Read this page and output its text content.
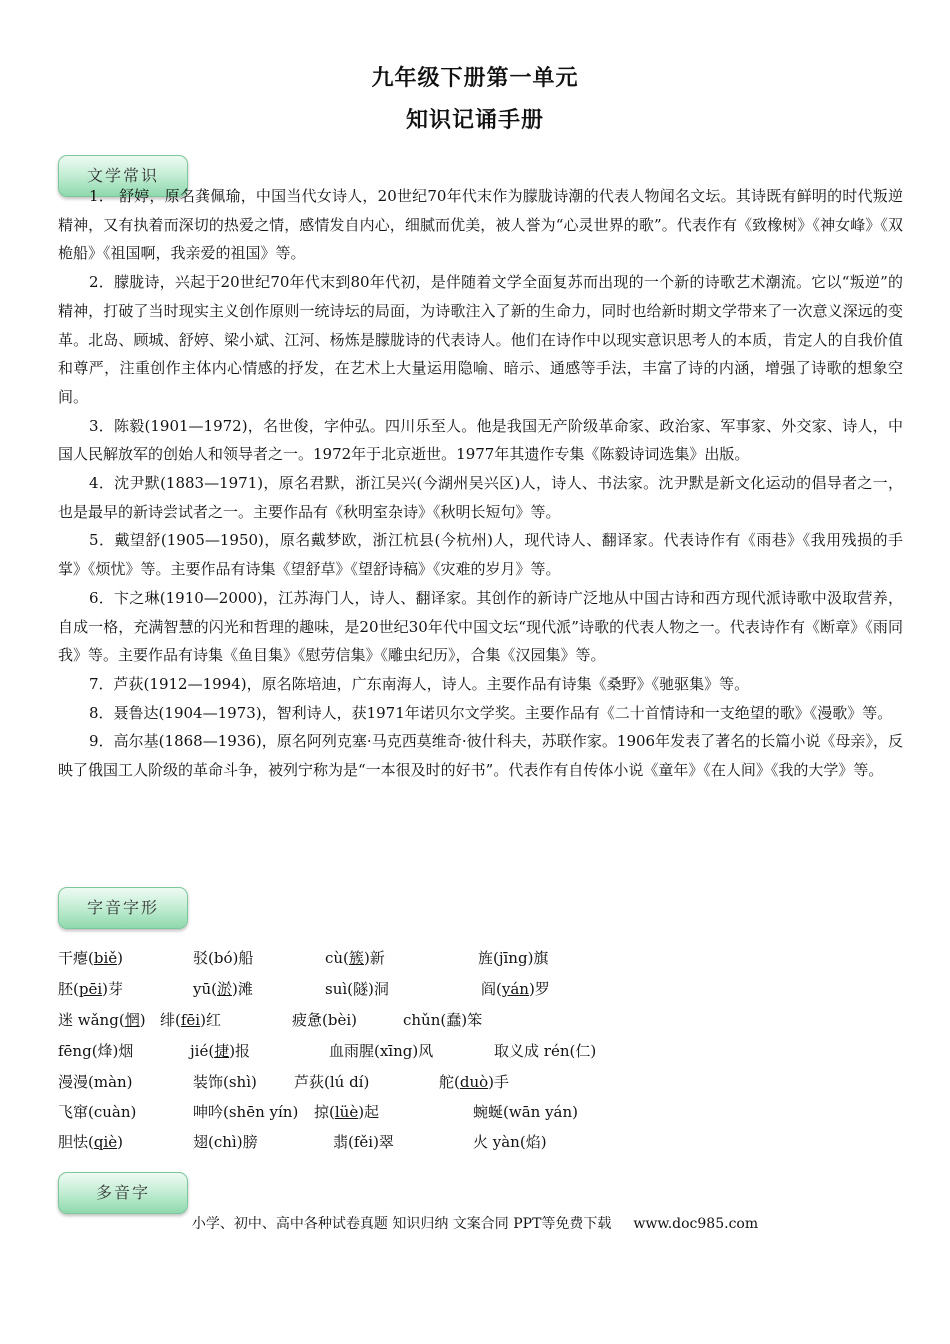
九年级下册第一单元
知识记诵手册
文学常识
1． 舒婷，原名龚佩瑜，中国当代女诗人，20世纪70年代末作为朦胧诗潮的代表人物闻名文坛。其诗既有鲜明的时代叛逆精神，又有执着而深切的热爱之情，感情发自内心，细腻而优美，被人誉为“心灵世界的歌”。代表作有《致橡树》《神女峰》《双桅船》《祖国啊，我亲爱的祖国》等。
2．朦胧诗，兴起于20世纪70年代末到80年代初，是伴随着文学全面复苏而出现的一个新的诗歌艺术潮流。它以“叛逆”的精神，打破了当时现实主义创作原则一统诗坛的局面，为诗歌注入了新的生命力，同时也给新时期文学带来了一次意义深远的变革。北岛、顾城、舒婷、梁小斌、江河、杨炼是朦胧诗的代表诗人。他们在诗作中以现实意识思考人的本质，肯定人的自我价值和尊严，注重创作主体内心情感的抒发，在艺术上大量运用隐喻、暗示、通感等手法，丰富了诗的内涵，增强了诗歌的想象空间。
3．陈毅(1901—1972)，名世俊，字仲弘。四川乐至人。他是我国无产阶级革命家、政治家、军事家、外交家、诗人，中国人民解放军的创始人和领导者之一。1972年于北京逝世。1977年其遗作专集《陈毅诗词选集》出版。
4．沈尹默(1883—1971)，原名君默，浙江吴兴(今湖州吴兴区)人，诗人、书法家。沈尹默是新文化运动的倡导者之一，也是最早的新诗尝试者之一。主要作品有《秋明室杂诗》《秋明长短句》等。
5．戴望舒(1905—1950)，原名戴梦欧，浙江杭县(今杭州)人，现代诗人、翻译家。代表诗作有《雨巷》《我用残损的手掌》《烦忧》等。主要作品有诗集《望舒草》《望舒诗稿》《灾难的岁月》等。
6．卞之琳(1910—2000)，江苏海门人，诗人、翻译家。其创作的新诗广泛地从中国古诗和西方现代派诗歌中汲取营养，自成一格，充满智慧的闪光和哲理的趣味，是20世纪30年代中国文坛“现代派”诗歌的代表人物之一。代表诗作有《断章》《雨同我》等。主要作品有诗集《鱼目集》《慰劳信集》《雕虫纪历》，合集《汉园集》等。
7．芦荻(1912—1994)，原名陈培迪，广东南海人，诗人。主要作品有诗集《桑野》《驰驱集》等。
8．聂鲁达(1904—1973)，智利诗人，获1971年诺贝尔文学奖。主要作品有《二十首情诗和一支绝望的歌》《漫歌》等。
9．高尔基(1868—1936)，原名阿列克塞·马克西莫维奇·彼什科夫，苏联作家。1906年发表了著名的长篇小说《母亲》，反映了俄国工人阶级的革命斗争，被列宁称为是“一本很及时的好书”。代表作有自传体小说《童年》《在人间》《我的大学》等。
字音字形
干瘪(biě)	驳(bó)船	cù(簇)新	旌(jīng)旗
胚(pēi)芽	yū(淤)滩	suì(隧)洞	阎(yán)罗
迷 wǎng(惘) 绯(fēi)红	疲惫(bèi)	chǔn(蠢)笨
fēng(烽)烟	jié(捷)报	血雨腥(xīng)风	取义成 rén(仁)
漫漫(màn)	装饰(shì) 芦荻(lú dí)	舵(duò)手
飞窜(cuàn)	呻吟(shēn yín) 掠(lüè)起	蜿蜒(wān yán)
胆怯(qiè)	翅(chì)膀	翡(fěi)翠	火 yàn(焰)
多音字
小学、初中、高中各种试卷真题 知识归纳 文案合同 PPT等免费下载 www.doc985.com
